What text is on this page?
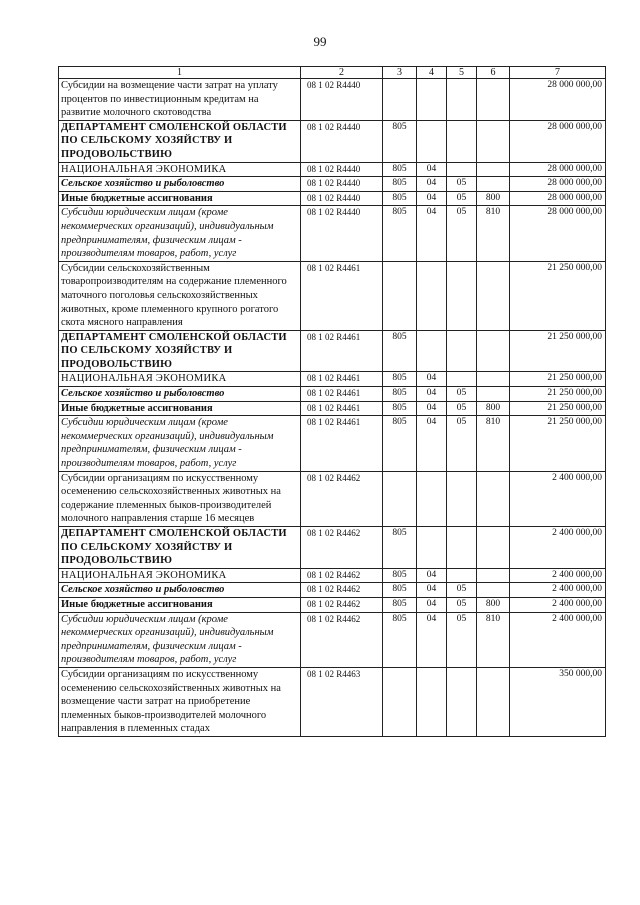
99
1	2	3	4	5	6	7
Субсидии на возмещение части затрат на уплату процентов по инвестиционным кредитам на развитие молочного скотоводства	08 1 02 R4440					28 000 000,00
ДЕПАРТАМЕНТ СМОЛЕНСКОЙ ОБЛАСТИ ПО СЕЛЬСКОМУ ХОЗЯЙСТВУ И ПРОДОВОЛЬСТВИЮ	08 1 02 R4440	805				28 000 000,00
НАЦИОНАЛЬНАЯ ЭКОНОМИКА	08 1 02 R4440	805	04			28 000 000,00
Сельское хозяйство и рыболовство	08 1 02 R4440	805	04	05		28 000 000,00
Иные бюджетные ассигнования	08 1 02 R4440	805	04	05	800	28 000 000,00
Субсидии юридическим лицам (кроме некоммерческих организаций), индивидуальным предпринимателям, физическим лицам - производителям товаров, работ, услуг	08 1 02 R4440	805	04	05	810	28 000 000,00
Субсидии сельскохозяйственным товаропроизводителям на содержание племенного маточного поголовья сельскохозяйственных животных, кроме племенного крупного рогатого скота мясного направления	08 1 02 R4461					21 250 000,00
ДЕПАРТАМЕНТ СМОЛЕНСКОЙ ОБЛАСТИ ПО СЕЛЬСКОМУ ХОЗЯЙСТВУ И ПРОДОВОЛЬСТВИЮ	08 1 02 R4461	805				21 250 000,00
НАЦИОНАЛЬНАЯ ЭКОНОМИКА	08 1 02 R4461	805	04			21 250 000,00
Сельское хозяйство и рыболовство	08 1 02 R4461	805	04	05		21 250 000,00
Иные бюджетные ассигнования	08 1 02 R4461	805	04	05	800	21 250 000,00
Субсидии юридическим лицам (кроме некоммерческих организаций), индивидуальным предпринимателям, физическим лицам - производителям товаров, работ, услуг	08 1 02 R4461	805	04	05	810	21 250 000,00
Субсидии организациям по искусственному осеменению сельскохозяйственных животных на содержание племенных быков-производителей молочного направления старше 16 месяцев	08 1 02 R4462					2 400 000,00
ДЕПАРТАМЕНТ СМОЛЕНСКОЙ ОБЛАСТИ ПО СЕЛЬСКОМУ ХОЗЯЙСТВУ И ПРОДОВОЛЬСТВИЮ	08 1 02 R4462	805				2 400 000,00
НАЦИОНАЛЬНАЯ ЭКОНОМИКА	08 1 02 R4462	805	04			2 400 000,00
Сельское хозяйство и рыболовство	08 1 02 R4462	805	04	05		2 400 000,00
Иные бюджетные ассигнования	08 1 02 R4462	805	04	05	800	2 400 000,00
Субсидии юридическим лицам (кроме некоммерческих организаций), индивидуальным предпринимателям, физическим лицам - производителям товаров, работ, услуг	08 1 02 R4462	805	04	05	810	2 400 000,00
Субсидии организациям по искусственному осеменению сельскохозяйственных животных на возмещение части затрат на приобретение племенных быков-производителей молочного направления в племенных стадах	08 1 02 R4463					350 000,00
